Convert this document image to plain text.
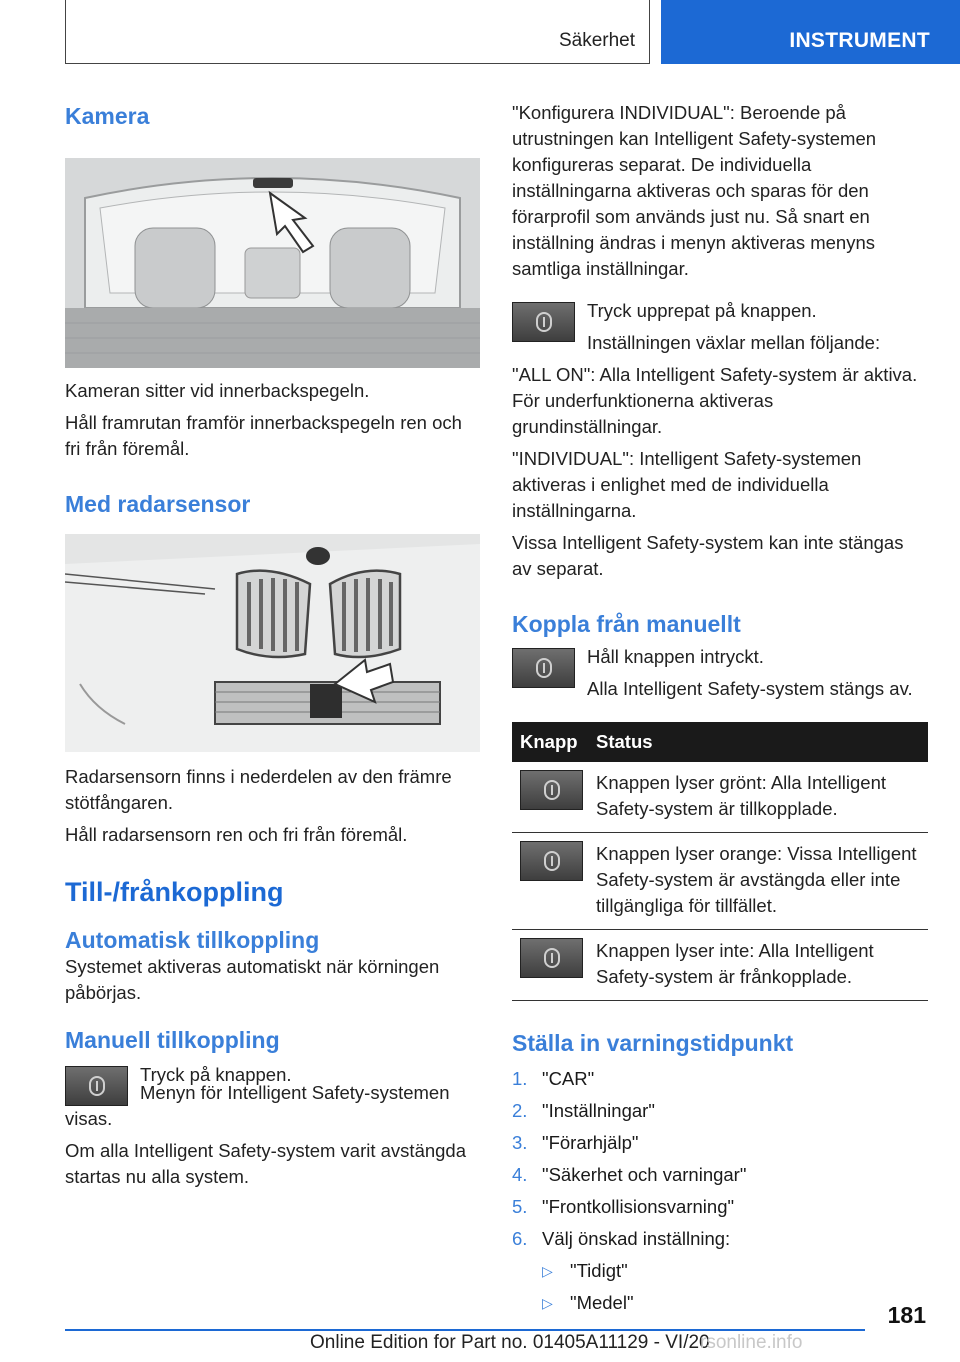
Säkerhet	INSTRUMENT
Kamera

Kameran sitter vid innerbackspegeln.

Håll framrutan framför innerbackspegeln ren och fri från föremål.

Med radarsensor

Radarsensorn finns i nederdelen av den främre stötfångaren.

Håll radarsensorn ren och fri från föremål.

Till-/frånkoppling
Automatisk tillkoppling

Systemet aktiveras automatiskt när körningen påbörjas.

Manuell tillkoppling

Tryck på knappen.

Menyn för Intelligent Safety-systemen visas.

Om alla Intelligent Safety-system varit avstängda startas nu alla system.

"Konfigurera INDIVIDUAL": Beroende på utrustningen kan Intelligent Safety-systemen konfigureras separat. De individuella inställningarna aktiveras och sparas för den förarprofil som används just nu. Så snart en inställning ändras i menyn aktiveras menyns samtliga inställningar.

Tryck upprepat på knappen.

Inställningen växlar mellan följande:

"ALL ON": Alla Intelligent Safety-system är aktiva. För underfunktionerna aktiveras grundinställningar.

"INDIVIDUAL": Intelligent Safety-systemen aktiveras i enlighet med de individuella inställningarna.

Vissa Intelligent Safety-system kan inte stängas av separat.

Koppla från manuellt

Håll knappen intryckt.

Alla Intelligent Safety-system stängs av.

Knapp	Status

	Knappen lyser grönt: Alla Intelligent Safety-system är tillkopplade.

	Knappen lyser orange: Vissa Intelligent Safety-system är avstängda eller inte tillgängliga för tillfället.

	Knappen lyser inte: Alla Intelligent Safety-system är frånkopplade.
Ställa in varningstidpunkt
1. "CAR"
2. "Inställningar"
3. "Förarhjälp"
4. "Säkerhet och varningar"
5. "Frontkollisionsvarning"
6. Välj önskad inställning:
▷ "Tidigt"
▷ "Medel"	181
Online Edition for Part no. 01405A11129 - VI/20
rsonline.info
